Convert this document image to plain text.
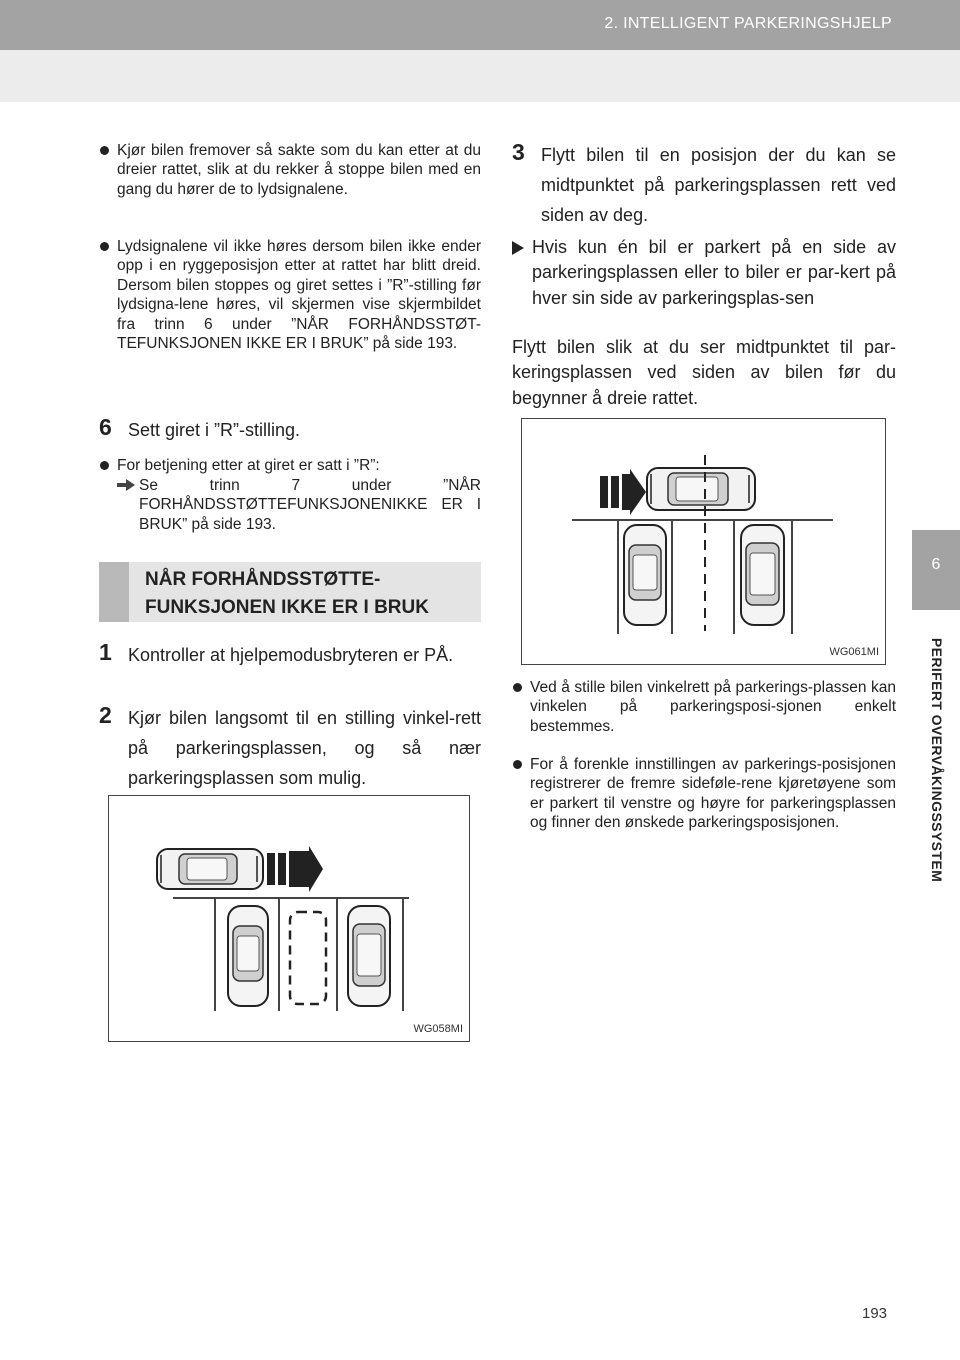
2. INTELLIGENT PARKERINGSHJELP
6
PERIFERT OVERVÅKINGSSYSTEM
Kjør bilen fremover så sakte som du kan etter at du dreier rattet, slik at du rekker å stoppe bilen med en gang du hører de to lydsignalene.
Lydsignalene vil ikke høres dersom bilen ikke ender opp i en ryggeposisjon etter at rattet har blitt dreid. Dersom bilen stoppes og giret settes i ”R”-stilling før lydsigna-lene høres, vil skjermen vise skjermbildet fra trinn 6 under ”NÅR FORHÅNDSSTØT-TEFUNKSJONEN IKKE ER I BRUK” på side 193.
6 Sett giret i ”R”-stilling.
For betjening etter at giret er satt i ”R”:
Se trinn 7 under ”NÅR FORHÅNDSSTØTTEFUNKSJONENIKKE ER I BRUK” på side 193.
NÅR FORHÅNDSSTØTTE-
FUNKSJONEN IKKE ER I BRUK
1 Kontroller at hjelpemodusbryteren er PÅ.
2 Kjør bilen langsomt til en stilling vinkel-rett på parkeringsplassen, og så nær parkeringsplassen som mulig.
WG058MI
3 Flytt bilen til en posisjon der du kan se midtpunktet på parkeringsplassen rett ved siden av deg.
Hvis kun én bil er parkert på en side av parkeringsplassen eller to biler er par-kert på hver sin side av parkeringsplas-sen
Flytt bilen slik at du ser midtpunktet til par-keringsplassen ved siden av bilen før du begynner å dreie rattet.
WG061MI
Ved å stille bilen vinkelrett på parkerings-plassen kan vinkelen på parkeringsposi-sjonen enkelt bestemmes.
For å forenkle innstillingen av parkerings-posisjonen registrerer de fremre sideføle-rene kjøretøyene som er parkert til venstre og høyre for parkeringsplassen og finner den ønskede parkeringsposisjonen.
193
